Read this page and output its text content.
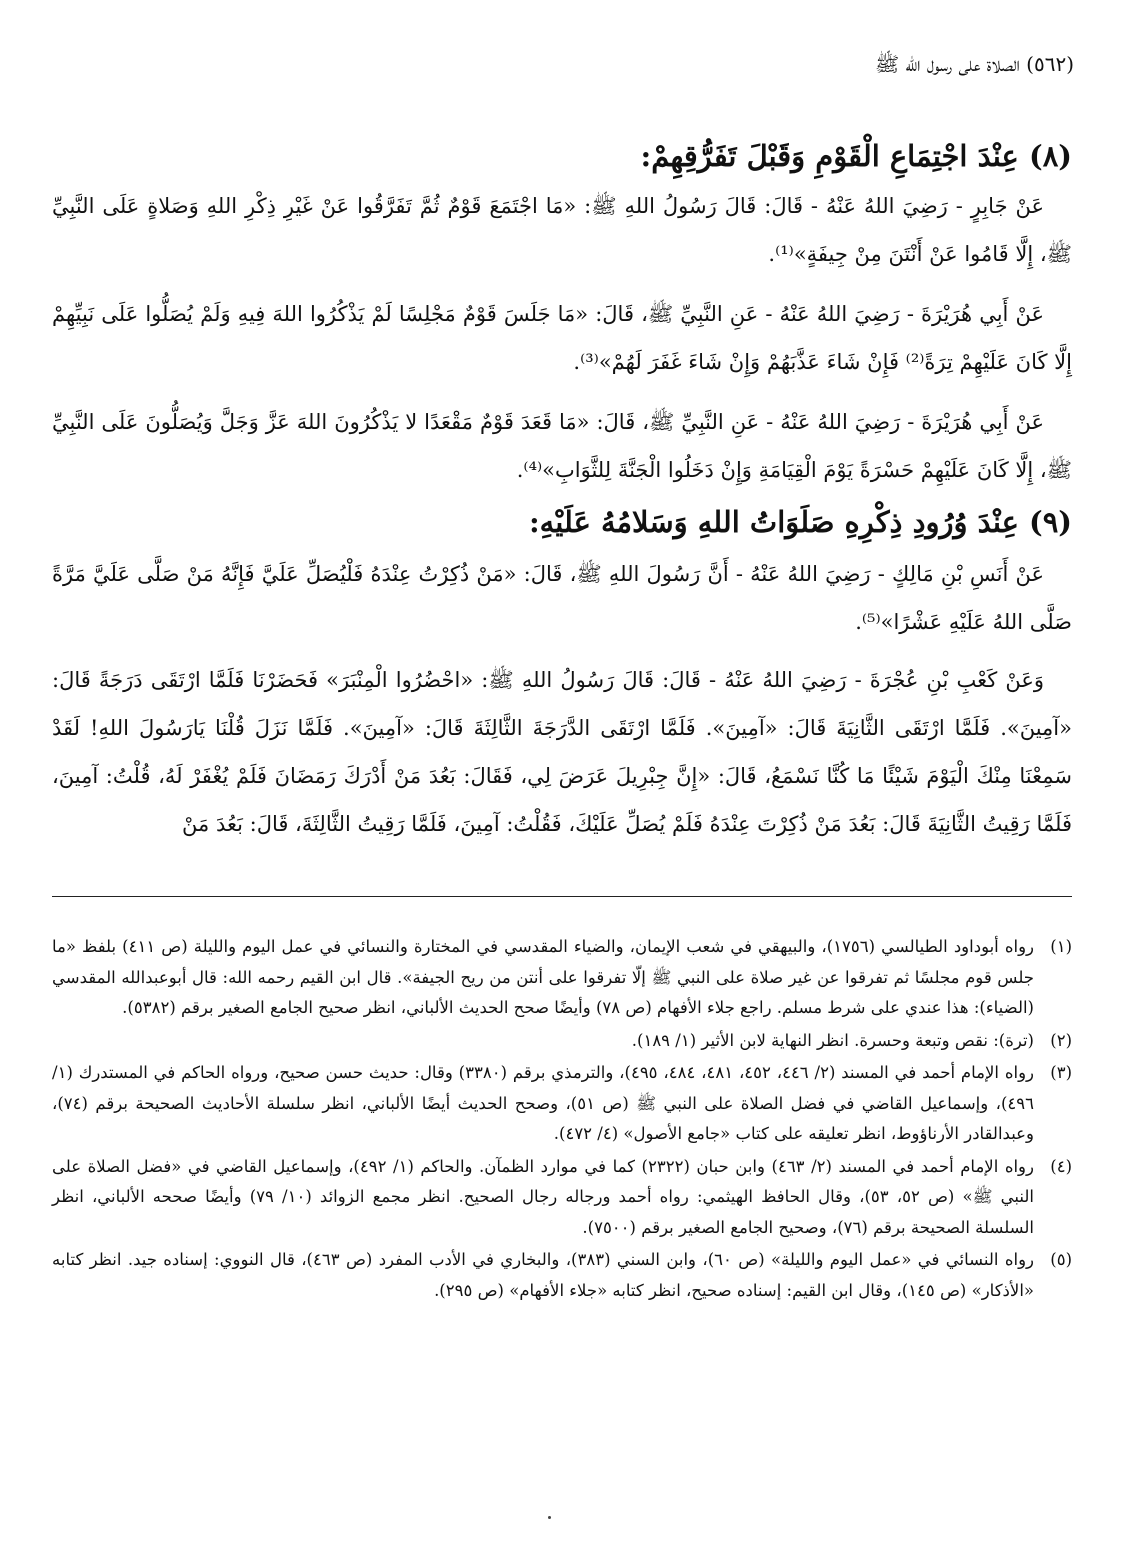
(٥٦٢) الصلاة على رسول الله ﷺ
(٨) عِنْدَ اجْتِمَاعِ الْقَوْمِ وَقَبْلَ تَفَرُّقِهِمْ:
عَنْ جَابِرٍ - رَضِيَ اللهُ عَنْهُ - قَالَ: قَالَ رَسُولُ اللهِ ﷺ: «مَا اجْتَمَعَ قَوْمٌ ثُمَّ تَفَرَّقُوا عَنْ غَيْرِ ذِكْرِ اللهِ وَصَلاةٍ عَلَى النَّبِيِّ ﷺ، إِلَّا قَامُوا عَنْ أَنْتَنَ مِنْ جِيفَةٍ»⁽¹⁾.
عَنْ أَبِي هُرَيْرَةَ - رَضِيَ اللهُ عَنْهُ - عَنِ النَّبِيِّ ﷺ، قَالَ: «مَا جَلَسَ قَوْمٌ مَجْلِسًا لَمْ يَذْكُرُوا اللهَ فِيهِ وَلَمْ يُصَلُّوا عَلَى نَبِيِّهِمْ إِلَّا كَانَ عَلَيْهِمْ تِرَةً⁽²⁾ فَإِنْ شَاءَ عَذَّبَهُمْ وَإِنْ شَاءَ غَفَرَ لَهُمْ»⁽³⁾.
عَنْ أَبِي هُرَيْرَةَ - رَضِيَ اللهُ عَنْهُ - عَنِ النَّبِيِّ ﷺ، قَالَ: «مَا قَعَدَ قَوْمٌ مَقْعَدًا لا يَذْكُرُونَ اللهَ عَزَّ وَجَلَّ وَيُصَلُّونَ عَلَى النَّبِيِّ ﷺ، إِلَّا كَانَ عَلَيْهِمْ حَسْرَةً يَوْمَ الْقِيَامَةِ وَإِنْ دَخَلُوا الْجَنَّةَ لِلثَّوَابِ»⁽⁴⁾.
(٩) عِنْدَ وُرُودِ ذِكْرِهِ صَلَوَاتُ اللهِ وَسَلامُهُ عَلَيْهِ:
عَنْ أَنَسِ بْنِ مَالِكٍ - رَضِيَ اللهُ عَنْهُ - أَنَّ رَسُولَ اللهِ ﷺ، قَالَ: «مَنْ ذُكِرْتُ عِنْدَهُ فَلْيُصَلِّ عَلَيَّ فَإِنَّهُ مَنْ صَلَّى عَلَيَّ مَرَّةً صَلَّى اللهُ عَلَيْهِ عَشْرًا»⁽⁵⁾.
وَعَنْ كَعْبِ بْنِ عُجْرَةَ - رَضِيَ اللهُ عَنْهُ - قَالَ: قَالَ رَسُولُ اللهِ ﷺ: «احْضُرُوا الْمِنْبَرَ» فَحَضَرْنَا فَلَمَّا ارْتَقَى دَرَجَةً قَالَ: «آمِينَ». فَلَمَّا ارْتَقَى الثَّانِيَةَ قَالَ: «آمِينَ». فَلَمَّا ارْتَقَى الدَّرَجَةَ الثَّالِثَةَ قَالَ: «آمِينَ». فَلَمَّا نَزَلَ قُلْنَا يَارَسُولَ اللهِ! لَقَدْ سَمِعْنَا مِنْكَ الْيَوْمَ شَيْئًا مَا كُنَّا نَسْمَعُ، قَالَ: «إِنَّ جِبْرِيلَ عَرَضَ لِي، فَقَالَ: بَعُدَ مَنْ أَدْرَكَ رَمَضَانَ فَلَمْ يُغْفَرْ لَهُ، قُلْتُ: آمِينَ، فَلَمَّا رَقِيتُ الثَّانِيَةَ قَالَ: بَعُدَ مَنْ ذُكِرْتَ عِنْدَهُ فَلَمْ يُصَلِّ عَلَيْكَ، فَقُلْتُ: آمِينَ، فَلَمَّا رَقِيتُ الثَّالِثَةَ، قَالَ: بَعُدَ مَنْ
(١)
رواه أبوداود الطيالسي (١٧٥٦)، والبيهقي في شعب الإيمان، والضياء المقدسي في المختارة والنسائي في عمل اليوم والليلة (ص ٤١١) بلفظ «ما جلس قوم مجلسًا ثم تفرقوا عن غير صلاة على النبي ﷺ إلّا تفرقوا على أنتن من ريح الجيفة». قال ابن القيم رحمه الله: قال أبوعبدالله المقدسي (الضياء): هذا عندي على شرط مسلم. راجع جلاء الأفهام (ص ٧٨) وأيضًا صحح الحديث الألباني، انظر صحيح الجامع الصغير برقم (٥٣٨٢).
(٢)
(ترة): نقص وتبعة وحسرة. انظر النهاية لابن الأثير (١/ ١٨٩).
(٣)
رواه الإمام أحمد في المسند (٢/ ٤٤٦، ٤٥٢، ٤٨١، ٤٨٤، ٤٩٥)، والترمذي برقم (٣٣٨٠) وقال: حديث حسن صحيح، ورواه الحاكم في المستدرك (١/ ٤٩٦)، وإسماعيل القاضي في فضل الصلاة على النبي ﷺ (ص ٥١)، وصحح الحديث أيضًا الألباني، انظر سلسلة الأحاديث الصحيحة برقم (٧٤)، وعبدالقادر الأرناؤوط، انظر تعليقه على كتاب «جامع الأصول» (٤/ ٤٧٢).
(٤)
رواه الإمام أحمد في المسند (٢/ ٤٦٣) وابن حبان (٢٣٢٢) كما في موارد الظمآن. والحاكم (١/ ٤٩٢)، وإسماعيل القاضي في «فضل الصلاة على النبي ﷺ» (ص ٥٢، ٥٣)، وقال الحافظ الهيثمي: رواه أحمد ورجاله رجال الصحيح. انظر مجمع الزوائد (١٠/ ٧٩) وأيضًا صححه الألباني، انظر السلسلة الصحيحة برقم (٧٦)، وصحيح الجامع الصغير برقم (٧٥٠٠).
(٥)
رواه النسائي في «عمل اليوم والليلة» (ص ٦٠)، وابن السني (٣٨٣)، والبخاري في الأدب المفرد (ص ٤٦٣)، قال النووي: إسناده جيد. انظر كتابه «الأذكار» (ص ١٤٥)، وقال ابن القيم: إسناده صحيح، انظر كتابه «جلاء الأفهام» (ص ٢٩٥).
